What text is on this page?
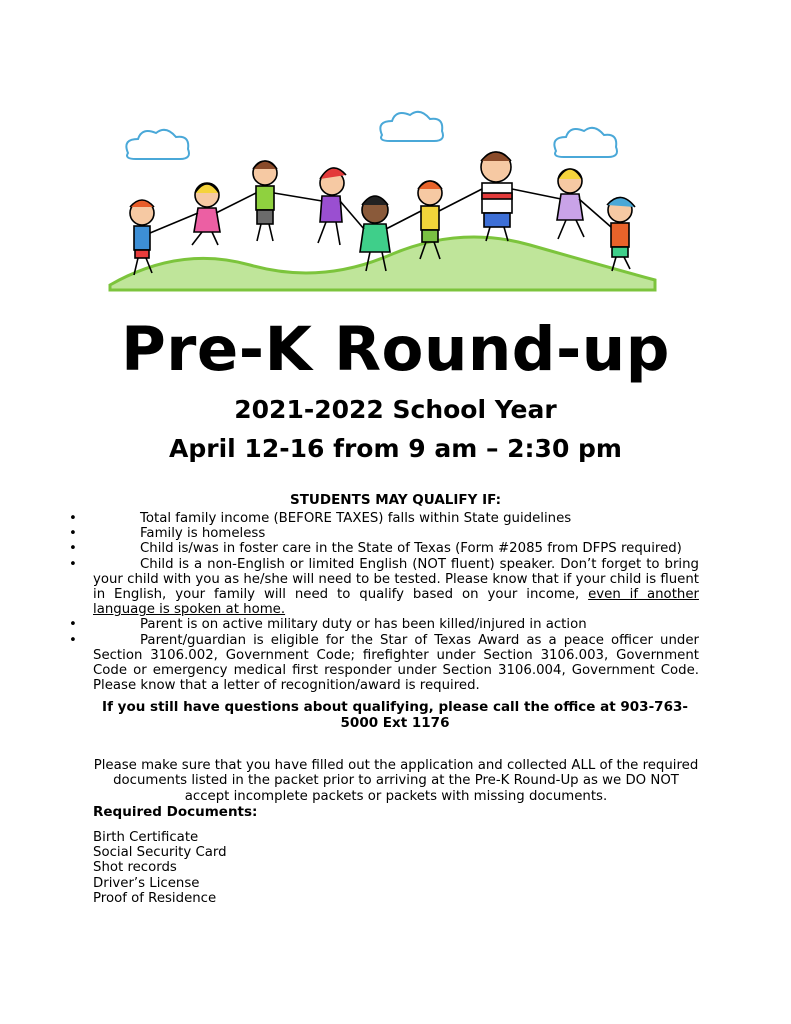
Pre-K Round-up
2021-2022 School Year
April 12-16 from 9 am – 2:30 pm
STUDENTS MAY QUALIFY IF:
•	Total family income (BEFORE TAXES) falls within State guidelines
•	Family is homeless
•	Child is/was in foster care in the State of Texas (Form #2085 from DFPS required)
•	Child is a non-English or limited English (NOT fluent) speaker. Don’t forget to bring your child with you as he/she will need to be tested. Please know that if your child is fluent in English, your family will need to qualify based on your income, even if another language is spoken at home.
•	Parent is on active military duty or has been killed/injured in action
•	Parent/guardian is eligible for the Star of Texas Award as a peace officer under Section 3106.002, Government Code; firefighter under Section 3106.003, Government Code or emergency medical first responder under Section 3106.004, Government Code. Please know that a letter of recognition/award is required.
If you still have questions about qualifying, please call the office at 903-763-5000 Ext 1176
Please make sure that you have filled out the application and collected ALL of the required documents listed in the packet prior to arriving at the Pre-K Round-Up as we DO NOT accept incomplete packets or packets with missing documents.
Required Documents:
Birth Certificate
Social Security Card
Shot records
Driver’s License
Proof of Residence
